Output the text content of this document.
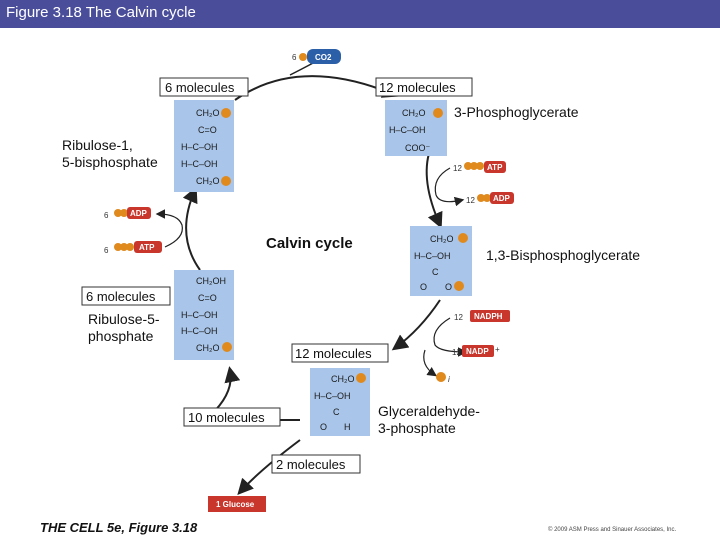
Figure 3.18 The Calvin cycle
6 CO2
6 molecules	12 molecules
6 molecules
12 molecules
10 molecules
2 molecules
CH₂O
C=O
H–C–OH
H–C–OH
CH₂O
Ribulose-1,
5-bisphosphate
CH₂O
H–C–OH
COO⁻
3-Phosphoglycerate
12	ATP
12 ADP
Calvin cycle	CH₂O
H–C–OH
C
O O
1,3-Bisphosphoglycerate
12 NADPH
12 NADP +
i
CH₂OH
C=O
H–C–OH
H–C–OH
CH₂O
Ribulose-5-
phosphate
6	ADP
6	ATP
CH₂O
H–C–OH
C
O H
Glyceraldehyde-
3-phosphate
1 Glucose
THE CELL 5e, Figure 3.18	© 2009 ASM Press and Sinauer Associates, Inc.
